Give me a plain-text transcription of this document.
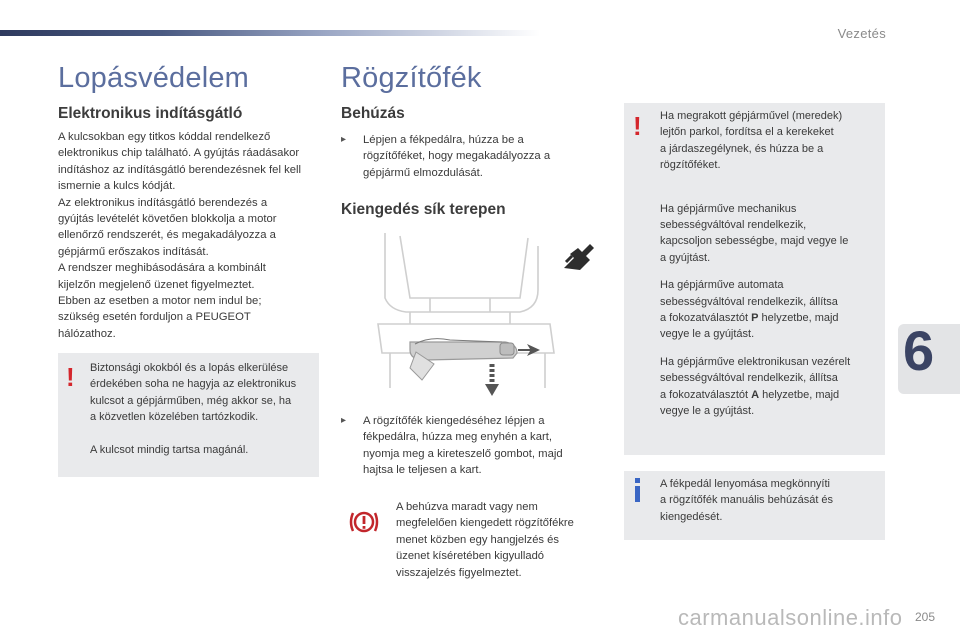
Vezetés
6
Lopásvédelem
Elektronikus indításgátló
A kulcsokban egy titkos kóddal rendelkező
elektronikus chip található. A gyújtás ráadásakor
indításhoz az indításgátló berendezésnek fel kell
ismernie a kulcs kódját.
Az elektronikus indításgátló berendezés a
gyújtás levételét követően blokkolja a motor
ellenőrző rendszerét, és megakadályozza a
gépjármű erőszakos indítását.
A rendszer meghibásodására a kombinált
kijelzőn megjelenő üzenet figyelmeztet.
Ebben az esetben a motor nem indul be;
szükség esetén forduljon a PEUGEOT
hálózathoz.
! Biztonsági okokból és a lopás elkerülése
érdekében soha ne hagyja az elektronikus
kulcsot a gépjárműben, még akkor se, ha
a közvetlen közelében tartózkodik.
A kulcsot mindig tartsa magánál.
Rögzítőfék
Behúzás
▸ Lépjen a fékpedálra, húzza be a
rögzítőféket, hogy megakadályozza a
gépjármű elmozdulását.
Kiengedés sík terepen
▸ A rögzítőfék kiengedéséhez lépjen a
fékpedálra, húzza meg enyhén a kart,
nyomja meg a kireteszelő gombot, majd
hajtsa le teljesen a kart.
A behúzva maradt vagy nem
megfelelően kiengedett rögzítőfékre
menet közben egy hangjelzés és
üzenet kíséretében kigyulladó
visszajelzés figyelmeztet.
! Ha megrakott gépjárművel (meredek)
lejtőn parkol, fordítsa el a kerekeket
a járdaszegélynek, és húzza be a
rögzítőféket.
Ha gépjárműve mechanikus
sebességváltóval rendelkezik,
kapcsoljon sebességbe, majd vegye le
a gyújtást.
Ha gépjárműve automata
sebességváltóval rendelkezik, állítsa
a fokozatválasztót P helyzetbe, majd
vegye le a gyújtást.
Ha gépjárműve elektronikusan vezérelt
sebességváltóval rendelkezik, állítsa
a fokozatválasztót A helyzetbe, majd
vegye le a gyújtást.
A fékpedál lenyomása megkönnyíti
a rögzítőfék manuális behúzását és
kiengedését.
205
carmanualsonline.info
